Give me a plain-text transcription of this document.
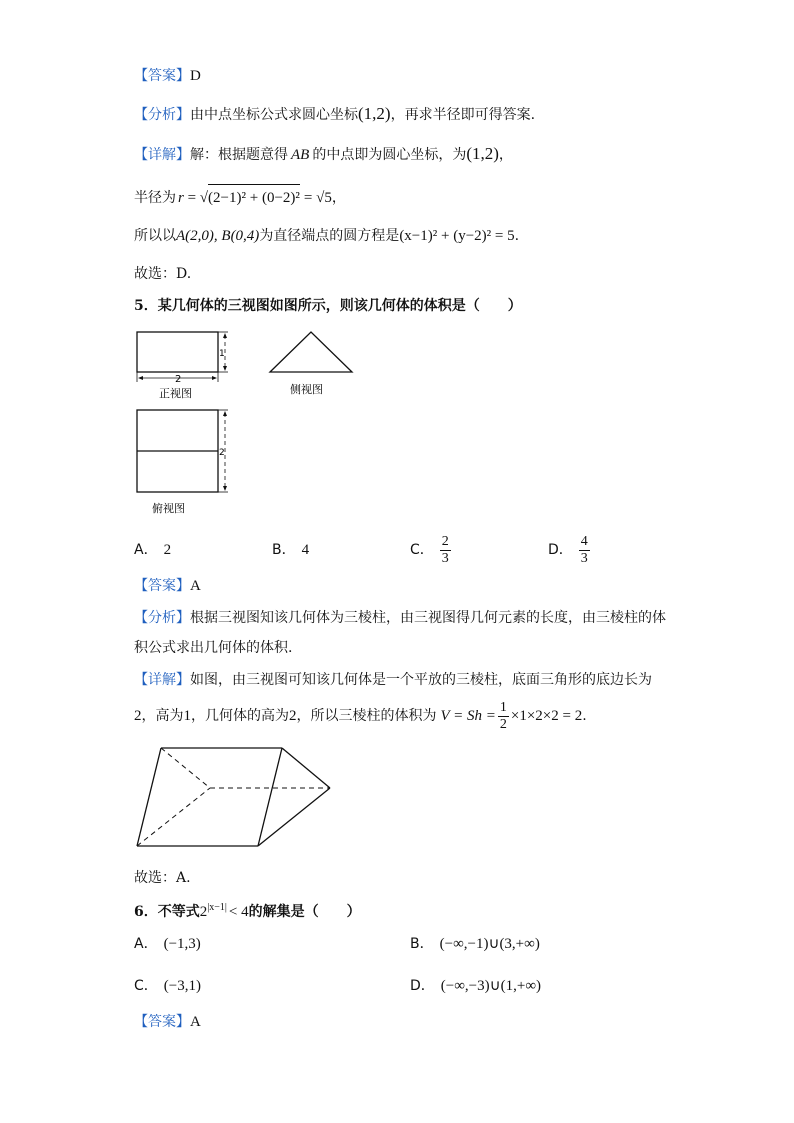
【答案】D
【分析】由中点坐标公式求圆心坐标(1,2)，再求半径即可得答案.
【详解】解：根据题意得 AB 的中点即为圆心坐标，为(1,2)，
半径为 r = √(2−1)² + (0−2)² = √5，
所以以A(2,0), B(0,4)为直径端点的圆方程是(x−1)² + (y−2)² = 5.
故选：D.
5．某几何体的三视图如图所示，则该几何体的体积是（　　）
1
2
正视图	侧视图
2
俯视图
A． 2	B． 4	C． $\frac{2}{3}$	D． $\frac{4}{3}$
【答案】A
【分析】根据三视图知该几何体为三棱柱，由三视图得几何元素的长度，由三棱柱的体
积公式求出几何体的体积.
【详解】如图，由三视图可知该几何体是一个平放的三棱柱，底面三角形的底边长为
2，高为1，几何体的高为2，所以三棱柱的体积为 $V = Sh = \frac{1}{2} \times 1\times 2\times 2 = 2$.
故选：A.
6．不等式$2^{|x-1|} < 4$的解集是（　　）
A． (−1,3)	B． (−∞,−1)∪(3,+∞)
C． (−3,1)	D． (−∞,−3)∪(1,+∞)
【答案】A
